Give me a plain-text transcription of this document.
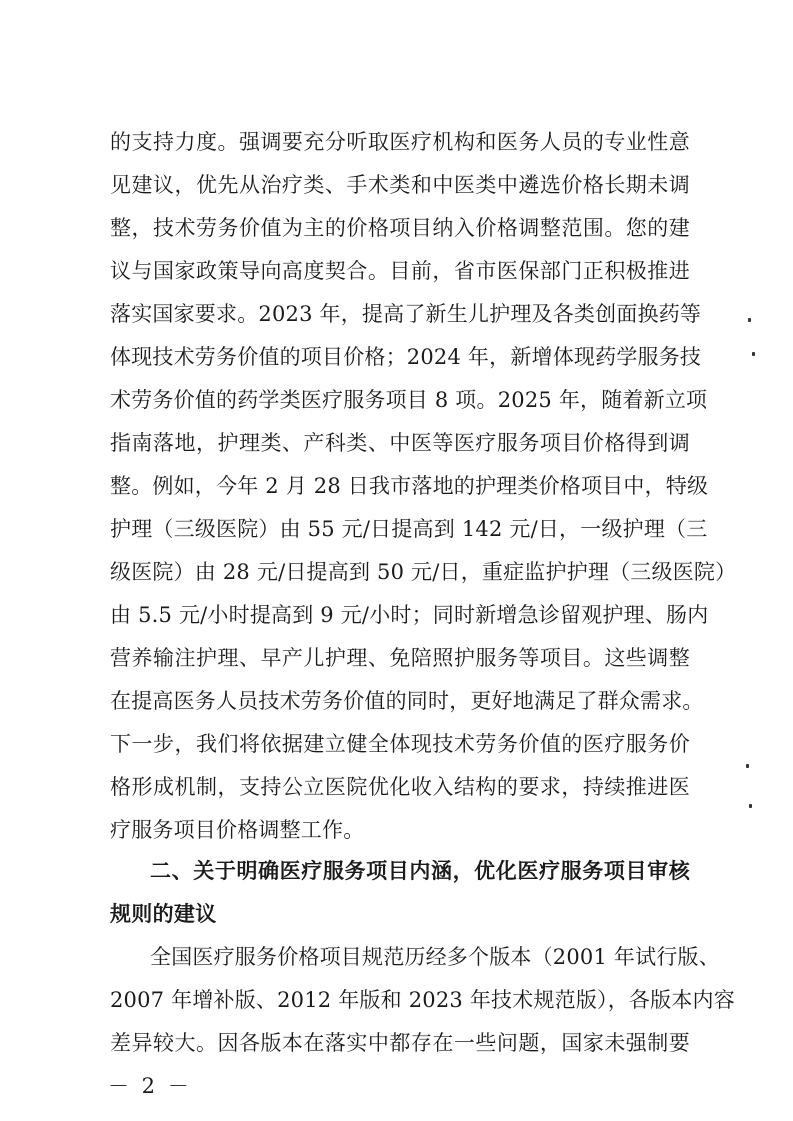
的支持力度。强调要充分听取医疗机构和医务人员的专业性意
见建议，优先从治疗类、手术类和中医类中遴选价格长期未调
整，技术劳务价值为主的价格项目纳入价格调整范围。您的建
议与国家政策导向高度契合。目前，省市医保部门正积极推进
落实国家要求。2023 年，提高了新生儿护理及各类创面换药等
体现技术劳务价值的项目价格；2024 年，新增体现药学服务技
术劳务价值的药学类医疗服务项目 8 项。2025 年，随着新立项
指南落地，护理类、产科类、中医等医疗服务项目价格得到调
整。例如，今年 2 月 28 日我市落地的护理类价格项目中，特级
护理（三级医院）由 55 元/日提高到 142 元/日，一级护理（三
级医院）由 28 元/日提高到 50 元/日，重症监护护理（三级医院）
由 5.5 元/小时提高到 9 元/小时；同时新增急诊留观护理、肠内
营养输注护理、早产儿护理、免陪照护服务等项目。这些调整
在提高医务人员技术劳务价值的同时，更好地满足了群众需求。
下一步，我们将依据建立健全体现技术劳务价值的医疗服务价
格形成机制，支持公立医院优化收入结构的要求，持续推进医
疗服务项目价格调整工作。
二、关于明确医疗服务项目内涵，优化医疗服务项目审核
规则的建议
全国医疗服务价格项目规范历经多个版本（2001 年试行版、
2007 年增补版、2012 年版和 2023 年技术规范版），各版本内容
差异较大。因各版本在落实中都存在一些问题，国家未强制要
－ 2 －
